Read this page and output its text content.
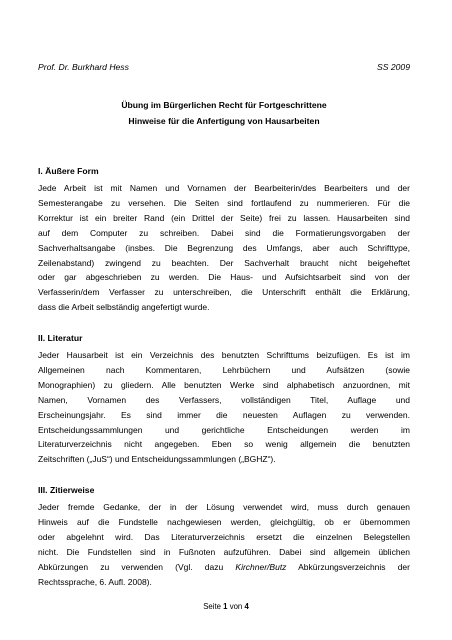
Prof. Dr. Burkhard Hess	SS 2009
Übung im Bürgerlichen Recht für Fortgeschrittene
Hinweise für die Anfertigung von Hausarbeiten
I. Äußere Form
Jede Arbeit ist mit Namen und Vornamen der Bearbeiterin/des Bearbeiters und der
Semesterangabe zu versehen. Die Seiten sind fortlaufend zu nummerieren. Für die
Korrektur ist ein breiter Rand (ein Drittel der Seite) frei zu lassen. Hausarbeiten sind
auf dem Computer zu schreiben. Dabei sind die Formatierungsvorgaben der
Sachverhaltsangabe (insbes. Die Begrenzung des Umfangs, aber auch Schrifttype,
Zeilenabstand) zwingend zu beachten. Der Sachverhalt braucht nicht beigeheftet
oder gar abgeschrieben zu werden. Die Haus- und Aufsichtsarbeit sind von der
Verfasserin/dem Verfasser zu unterschreiben, die Unterschrift enthält die Erklärung,
dass die Arbeit selbständig angefertigt wurde.
II. Literatur
Jeder Hausarbeit ist ein Verzeichnis des benutzten Schrifttums beizufügen. Es ist im
Allgemeinen nach Kommentaren, Lehrbüchern und Aufsätzen (sowie
Monographien) zu gliedern. Alle benutzten Werke sind alphabetisch anzuordnen, mit
Namen, Vornamen des Verfassers, vollständigen Titel, Auflage und
Erscheinungsjahr. Es sind immer die neuesten Auflagen zu verwenden.
Entscheidungssammlungen und gerichtliche Entscheidungen werden im
Literaturverzeichnis nicht angegeben. Eben so wenig allgemein die benutzten
Zeitschriften („JuS“) und Entscheidungssammlungen („BGHZ“).
III. Zitierweise
Jeder fremde Gedanke, der in der Lösung verwendet wird, muss durch genauen
Hinweis auf die Fundstelle nachgewiesen werden, gleichgültig, ob er übernommen
oder abgelehnt wird. Das Literaturverzeichnis ersetzt die einzelnen Belegstellen
nicht. Die Fundstellen sind in Fußnoten aufzuführen. Dabei sind allgemein üblichen
Abkürzungen zu verwenden (Vgl. dazu Kirchner/Butz Abkürzungsverzeichnis der
Rechtssprache, 6. Aufl. 2008).
Seite 1 von 4
